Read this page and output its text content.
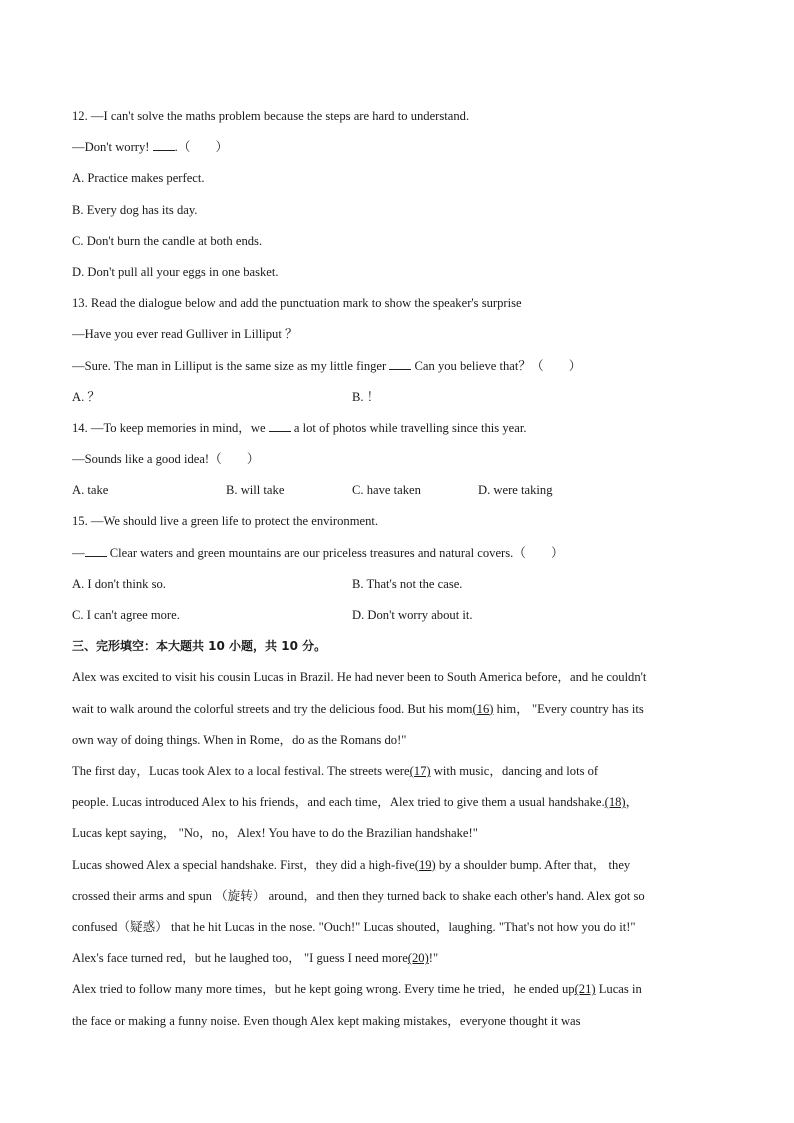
12. —I can't solve the maths problem because the steps are hard to understand.
—Don't worry! .（　　）
A. Practice makes perfect.
B. Every dog has its day.
C. Don't burn the candle at both ends.
D. Don't pull all your eggs in one basket.
13. Read the dialogue below and add the punctuation mark to show the speaker's surprise
—Have you ever read Gulliver in Lilliput ？
—Sure. The man in Lilliput is the same size as my little finger  Can you believe that？（　　）
A. ？	B. ！
14. —To keep memories in mind，we  a lot of photos while travelling since this year.
—Sounds like a good idea!（　　）
A. take	B. will take	C. have taken	D. were taking
15. —We should live a green life to protect the environment.
— Clear waters and green mountains are our priceless treasures and natural covers.（　　）
A. I don't think so.	B. That's not the case.
C. I can't agree more.	D. Don't worry about it.
三、完形填空：本大题共 10 小题，共 10 分。
Alex was excited to visit his cousin Lucas in Brazil. He had never been to South America before，and he couldn't
wait to walk around the colorful streets and try the delicious food. But his mom(16) him， "Every country has its
own way of doing things. When in Rome，do as the Romans do!"
The first day，Lucas took Alex to a local festival. The streets were(17) with music，dancing and lots of
people. Lucas introduced Alex to his friends，and each time，Alex tried to give them a usual handshake.(18)，
Lucas kept saying， "No，no，Alex! You have to do the Brazilian handshake!"
Lucas showed Alex a special handshake. First，they did a high-five(19) by a shoulder bump. After that， they
crossed their arms and spun （旋转） around，and then they turned back to shake each other's hand. Alex got so
confused（疑惑） that he hit Lucas in the nose. "Ouch!" Lucas shouted，laughing. "That's not how you do it!"
Alex's face turned red，but he laughed too， "I guess I need more(20)!"
Alex tried to follow many more times，but he kept going wrong. Every time he tried，he ended up(21) Lucas in
the face or making a funny noise. Even though Alex kept making mistakes，everyone thought it was
